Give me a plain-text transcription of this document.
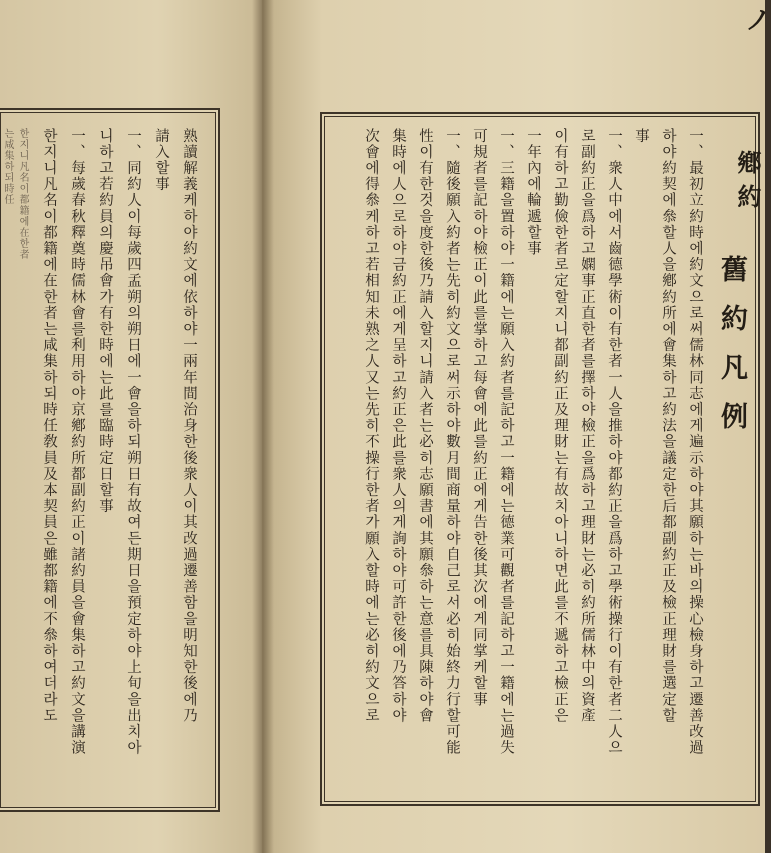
ノ
舊約凡例
한지니凡名이都籍에在한者는咸集하되時任	一、最初立約時에約文으로써儒林同志에게遍示하야其願하는바의操心檢身하고遷善改過
하야約契에叅할人을鄕約所에會集하고約法을議定한后都副約正及檢正理財를選定할
事
一、衆人中에서齒德學術이有한者一人을推하야都約正을爲하고學術操行이有한者二人으
로副約正을爲하고嫻事正直한者를擇하야檢正을爲하고理財는必히約所儒林中의資產
이有하고勤儉한者로定할지니都副約正及理財는有故치아니하면此를不遞하고檢正은
一年內에輪遞할事
一、三籍을置하야一籍에는願入約者를記하고一籍에는德業可觀者를記하고一籍에는過失
可規者를記하야檢正이此를掌하고每會에此를約正에게告한後其次에게同掌케할事
一、隨後願入約者는先히約文으로써示하야數月間商量하야自己로서必히始終力行할可能
性이有한것을度한後乃請入할지니請入者는必히志願書에其願叅하는意를具陳하야會
集時에人으로하야금約正에게呈하고約正은此를衆人의게詢하야可許한後에乃答하야
次會에得叅케하고若相知未熟之人又는先히不操行한者가願入할時에는必히約文으로
熟讀解義케하야約文에依하야一兩年間治身한後衆人이其改過遷善함을明知한後에乃
請入할事
一、同約人이每歲四孟朔의朔日에一會을하되朔日有故여든期日을預定하야上旬을出치아
니하고若約員의慶吊會가有한時에는此를臨時定日할事
一、每歲春秋釋奠時儒林會를利用하야京鄕約所都副約正이諸約員을會集하고約文을講演
한지니凡名이都籍에在한者는咸集하되時任敎員及本契員은雖都籍에不叅하여더라도
